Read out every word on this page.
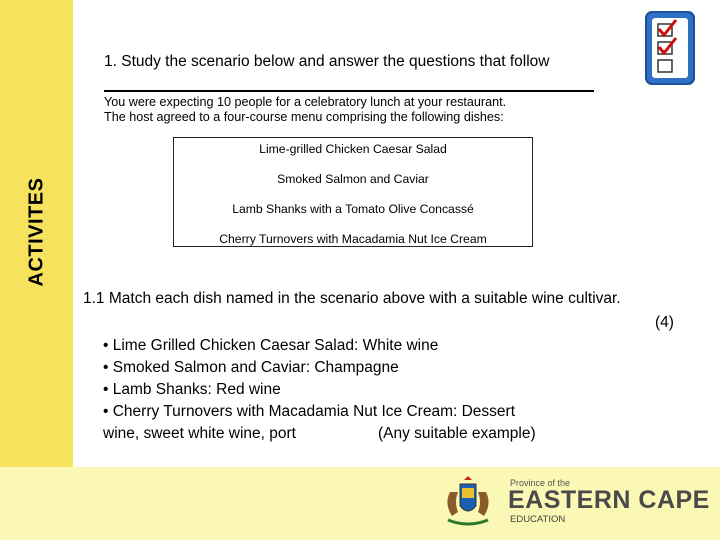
ACTIVITES
1. Study the scenario below and answer the questions that follow

You were expecting 10 people for a celebratory lunch at your restaurant.

The host agreed to a four-course menu comprising the following dishes:

Lime-grilled Chicken Caesar Salad
Smoked Salmon and Caviar
Lamb Shanks with a Tomato Olive Concassé
Cherry Turnovers with Macadamia Nut Ice Cream
1.1 Match each dish named in the scenario above with a suitable wine cultivar.
(4)
• Lime Grilled Chicken Caesar Salad: White wine
• Smoked Salmon and Caviar: Champagne
• Lamb Shanks: Red wine
• Cherry Turnovers with Macadamia Nut Ice Cream: Dessert
wine, sweet white wine, port	(Any suitable example)
Province of the
EASTERN CAPE
EDUCATION
